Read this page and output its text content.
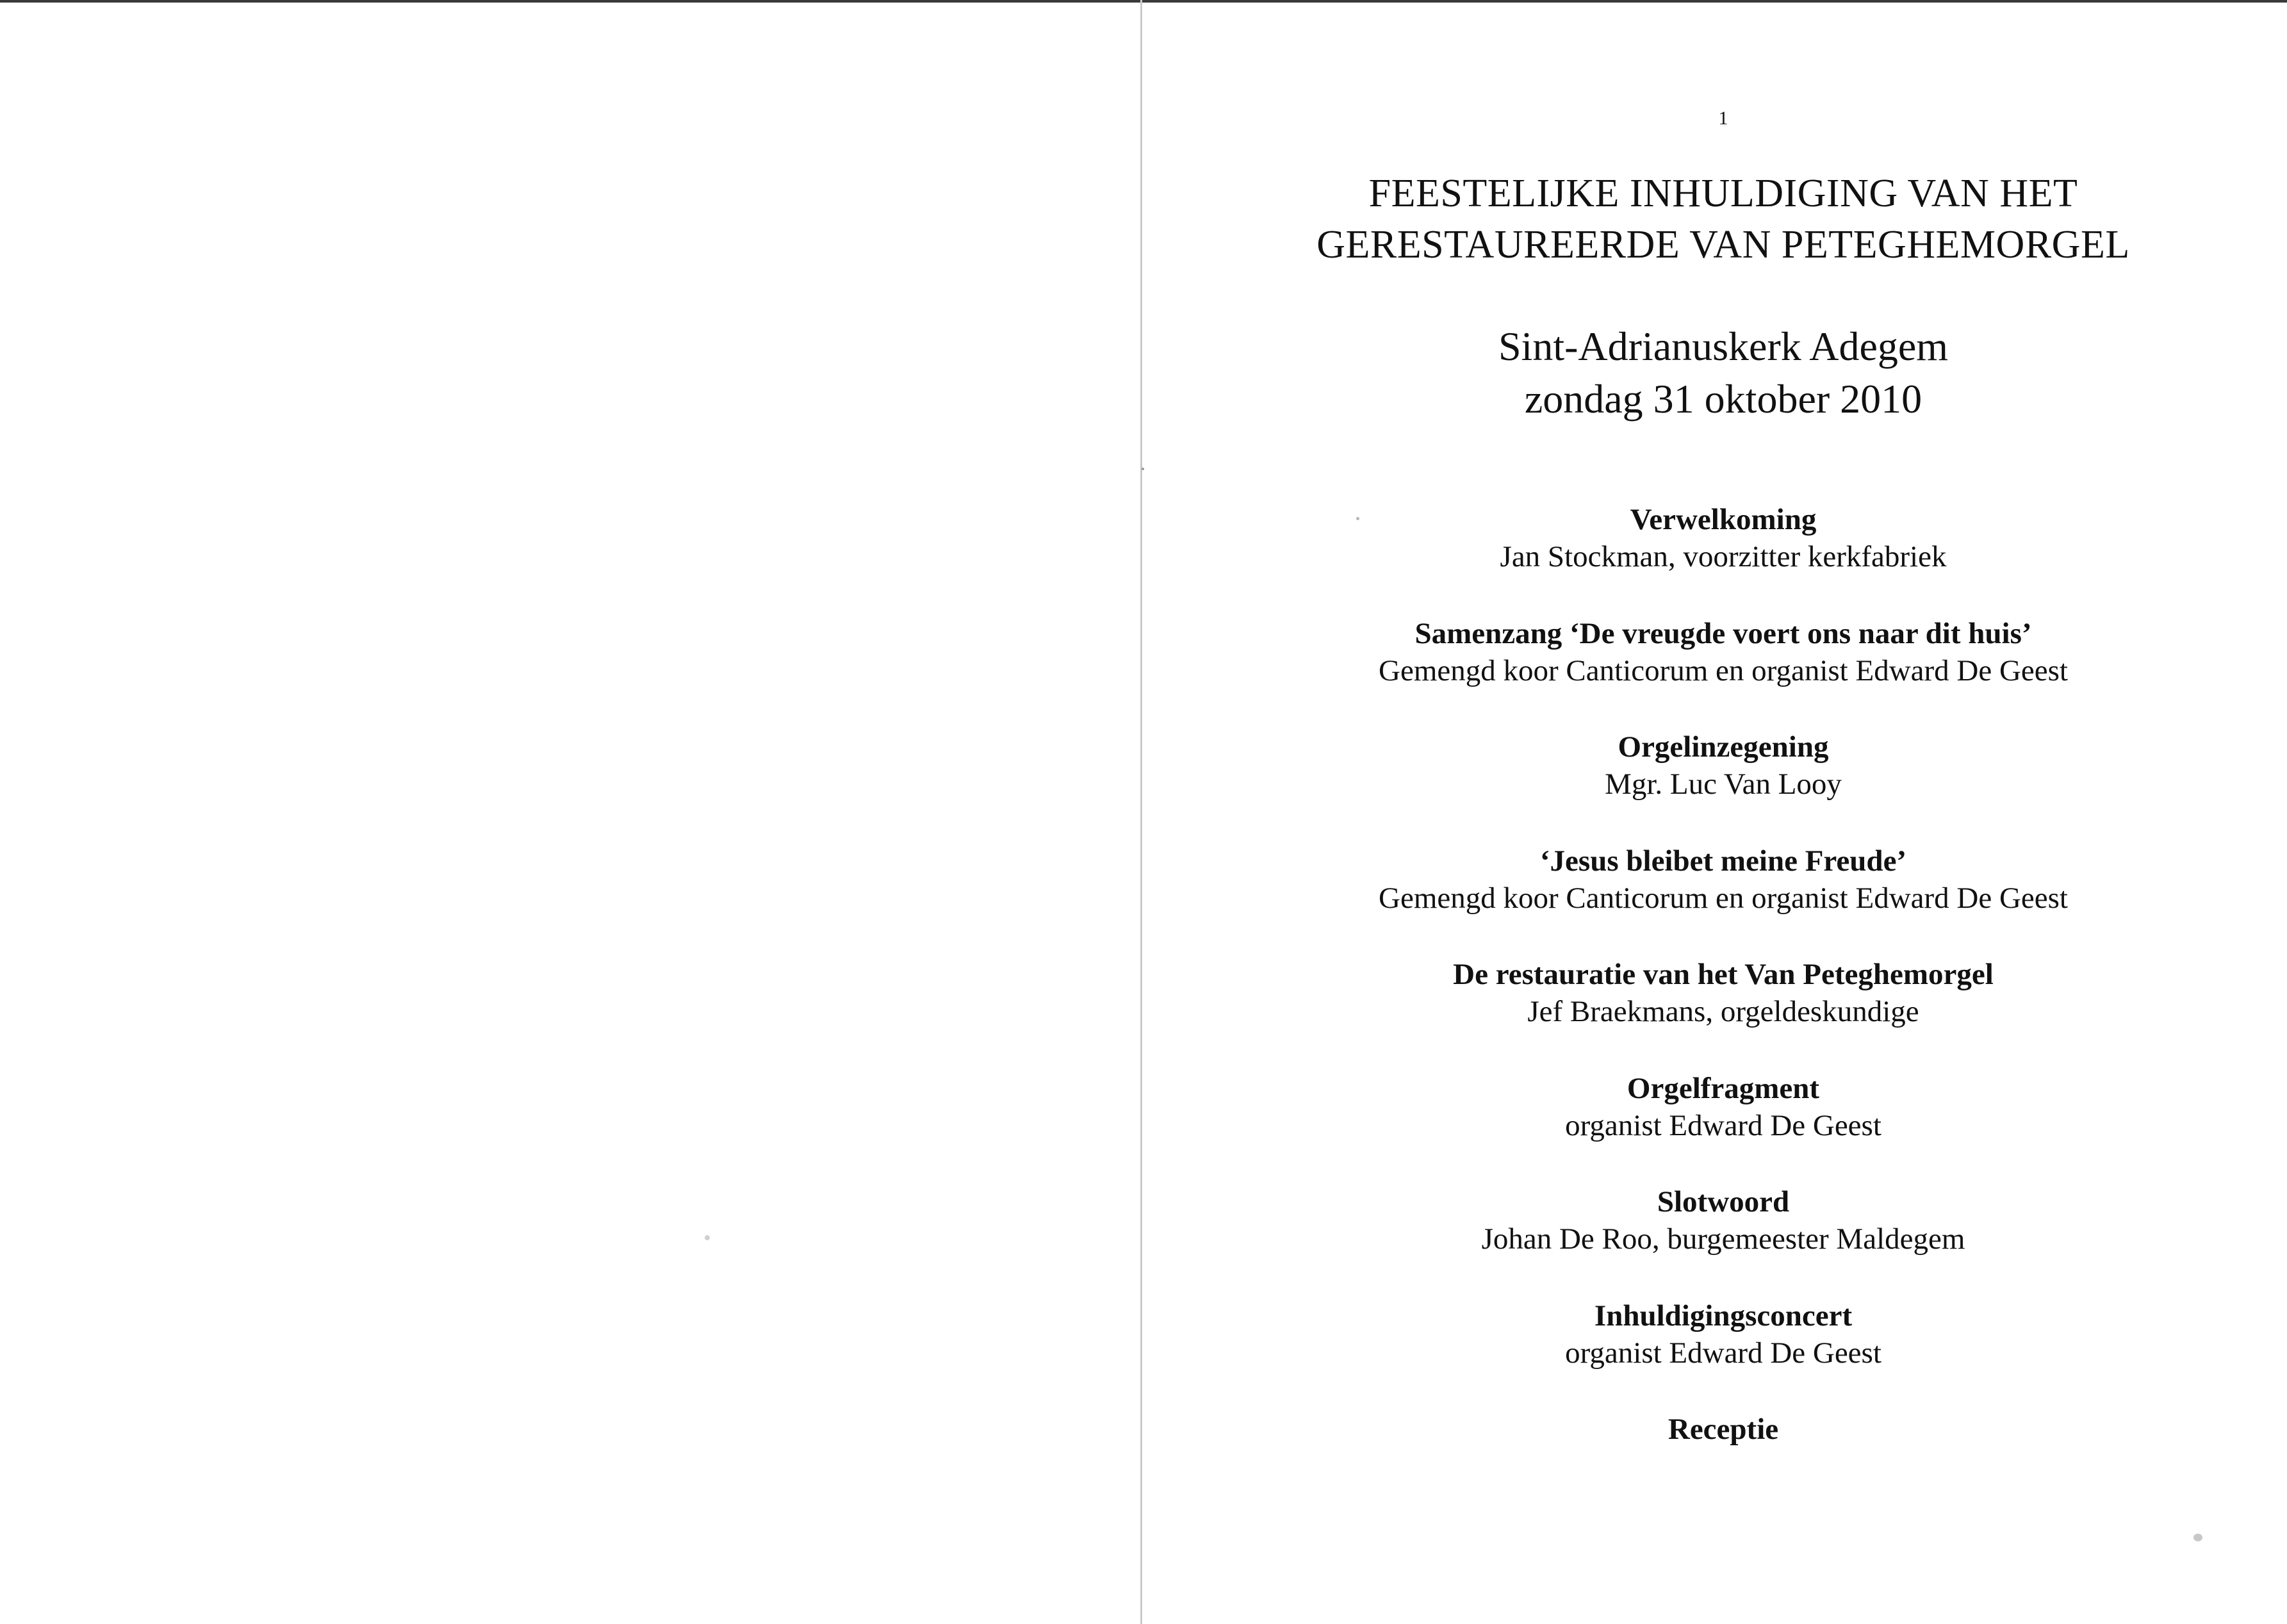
1
FEESTELIJKE INHULDIGING VAN HET
GERESTAUREERDE VAN PETEGHEMORGEL
Sint-Adrianuskerk Adegem
zondag 31 oktober 2010
Verwelkoming
Jan Stockman, voorzitter kerkfabriek
Samenzang ‘De vreugde voert ons naar dit huis’
Gemengd koor Canticorum en organist Edward De Geest
Orgelinzegening
Mgr. Luc Van Looy
‘Jesus bleibet meine Freude’
Gemengd koor Canticorum en organist Edward De Geest
De restauratie van het Van Peteghemorgel
Jef Braekmans, orgeldeskundige
Orgelfragment
organist Edward De Geest
Slotwoord
Johan De Roo, burgemeester Maldegem
Inhuldigingsconcert
organist Edward De Geest
Receptie
